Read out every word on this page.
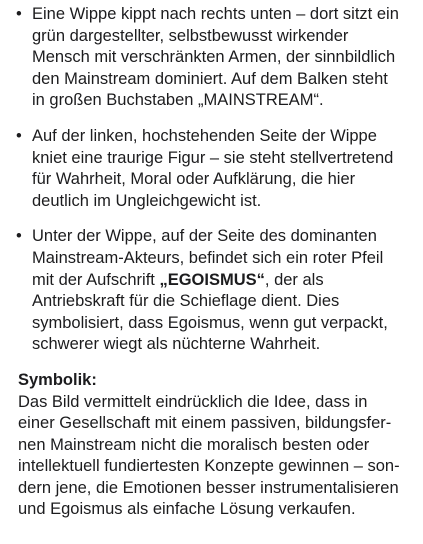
• Eine Wippe kippt nach rechts unten – dort sitzt ein
grün dargestellter, selbstbewusst wirkender
Mensch mit verschränkten Armen, der sinnbildlich
den Mainstream dominiert. Auf dem Balken steht
in großen Buchstaben „MAINSTREAM“.
• Auf der linken, hochstehenden Seite der Wippe
kniet eine traurige Figur – sie steht stellvertretend
für Wahrheit, Moral oder Aufklärung, die hier
deutlich im Ungleichgewicht ist.
• Unter der Wippe, auf der Seite des dominanten
Mainstream-Akteurs, befindet sich ein roter Pfeil
mit der Aufschrift „EGOISMUS“, der als
Antriebskraft für die Schieflage dient. Dies
symbolisiert, dass Egoismus, wenn gut verpackt,
schwerer wiegt als nüchterne Wahrheit.

Symbolik:

Das Bild vermittelt eindrücklich die Idee, dass in
einer Gesellschaft mit einem passiven, bildungsfer-
nen Mainstream nicht die moralisch besten oder
intellektuell fundiertesten Konzepte gewinnen – son-
dern jene, die Emotionen besser instrumentalisieren
und Egoismus als einfache Lösung verkaufen.
